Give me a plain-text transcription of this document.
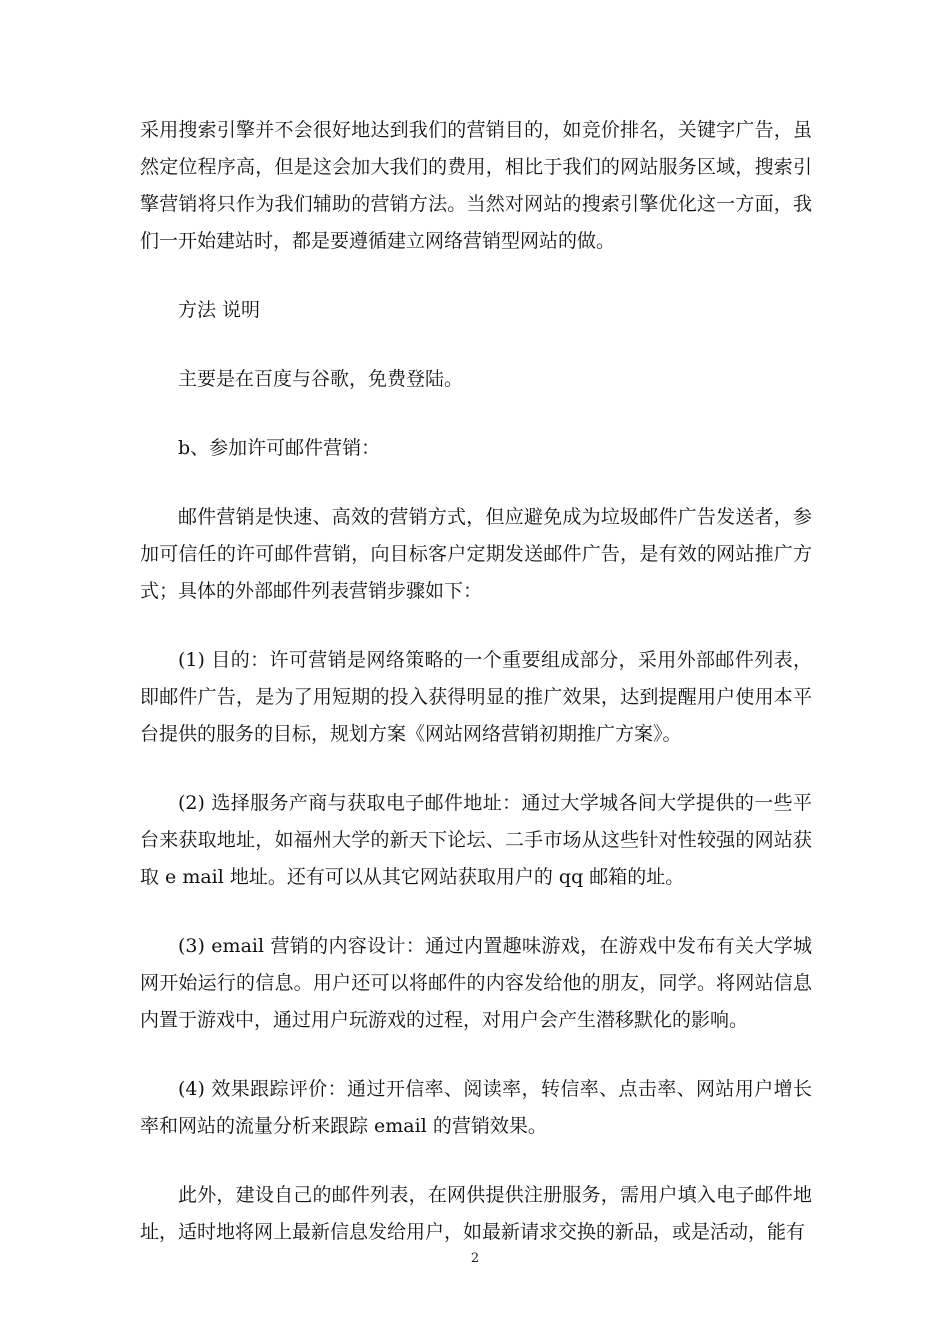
采用搜索引擎并不会很好地达到我们的营销目的，如竞价排名，关键字广告，虽然定位程序高，但是这会加大我们的费用，相比于我们的网站服务区域，搜索引擎营销将只作为我们辅助的营销方法。当然对网站的搜索引擎优化这一方面，我们一开始建站时，都是要遵循建立网络营销型网站的做。

方法 说明

主要是在百度与谷歌，免费登陆。

b、参加许可邮件营销：

邮件营销是快速、高效的营销方式，但应避免成为垃圾邮件广告发送者，参加可信任的许可邮件营销，向目标客户定期发送邮件广告，是有效的网站推广方式；具体的外部邮件列表营销步骤如下：

(1) 目的：许可营销是网络策略的一个重要组成部分，采用外部邮件列表，即邮件广告，是为了用短期的投入获得明显的推广效果，达到提醒用户使用本平台提供的服务的目标，规划方案《网站网络营销初期推广方案》。

(2) 选择服务产商与获取电子邮件地址：通过大学城各间大学提供的一些平台来获取地址，如福州大学的新天下论坛、二手市场从这些针对性较强的网站获取 e mail 地址。还有可以从其它网站获取用户的 qq 邮箱的址。

(3) email 营销的内容设计：通过内置趣味游戏，在游戏中发布有关大学城网开始运行的信息。用户还可以将邮件的内容发给他的朋友，同学。将网站信息内置于游戏中，通过用户玩游戏的过程，对用户会产生潜移默化的影响。

(4) 效果跟踪评价：通过开信率、阅读率，转信率、点击率、网站用户增长率和网站的流量分析来跟踪 email 的营销效果。

此外，建设自己的邮件列表，在网供提供注册服务，需用户填入电子邮件地址，适时地将网上最新信息发给用户，如最新请求交换的新品，或是活动，能有

2
